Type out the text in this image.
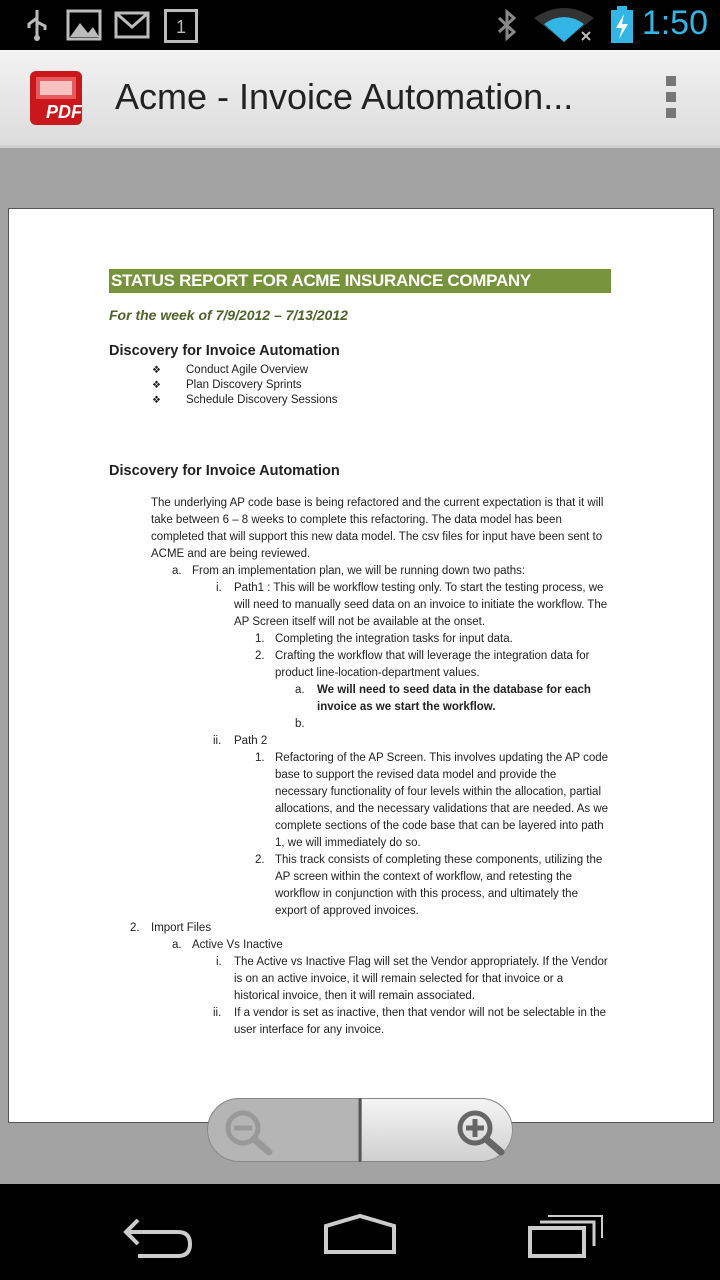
1	1:50
PDF Acme - Invoice Automation...
STATUS REPORT FOR ACME INSURANCE COMPANY
For the week of 7/9/2012 – 7/13/2012
Discovery for Invoice Automation
❖ Conduct Agile Overview
❖ Plan Discovery Sprints
❖ Schedule Discovery Sessions
Discovery for Invoice Automation
The underlying AP code base is being refactored and the current expectation is that it will take between 6 – 8 weeks to complete this refactoring. The data model has been completed that will support this new data model. The csv files for input have been sent to ACME and are being reviewed.
a. From an implementation plan, we will be running down two paths:
i. Path1 : This will be workflow testing only. To start the testing process, we will need to manually seed data on an invoice to initiate the workflow. The AP Screen itself will not be available at the onset.
1. Completing the integration tasks for input data.
2. Crafting the workflow that will leverage the integration data for product line-location-department values.
a. We will need to seed data in the database for each invoice as we start the workflow.
b.
ii. Path 2
1. Refactoring of the AP Screen. This involves updating the AP code base to support the revised data model and provide the necessary functionality of four levels within the allocation, partial allocations, and the necessary validations that are needed. As we complete sections of the code base that can be layered into path 1, we will immediately do so.
2. This track consists of completing these components, utilizing the AP screen within the context of workflow, and retesting the workflow in conjunction with this process, and ultimately the export of approved invoices.
2. Import Files
a. Active Vs Inactive
i. The Active vs Inactive Flag will set the Vendor appropriately. If the Vendor is on an active invoice, it will remain selected for that invoice or a historical invoice, then it will remain associated.
ii. If a vendor is set as inactive, then that vendor will not be selectable in the user interface for any invoice.
